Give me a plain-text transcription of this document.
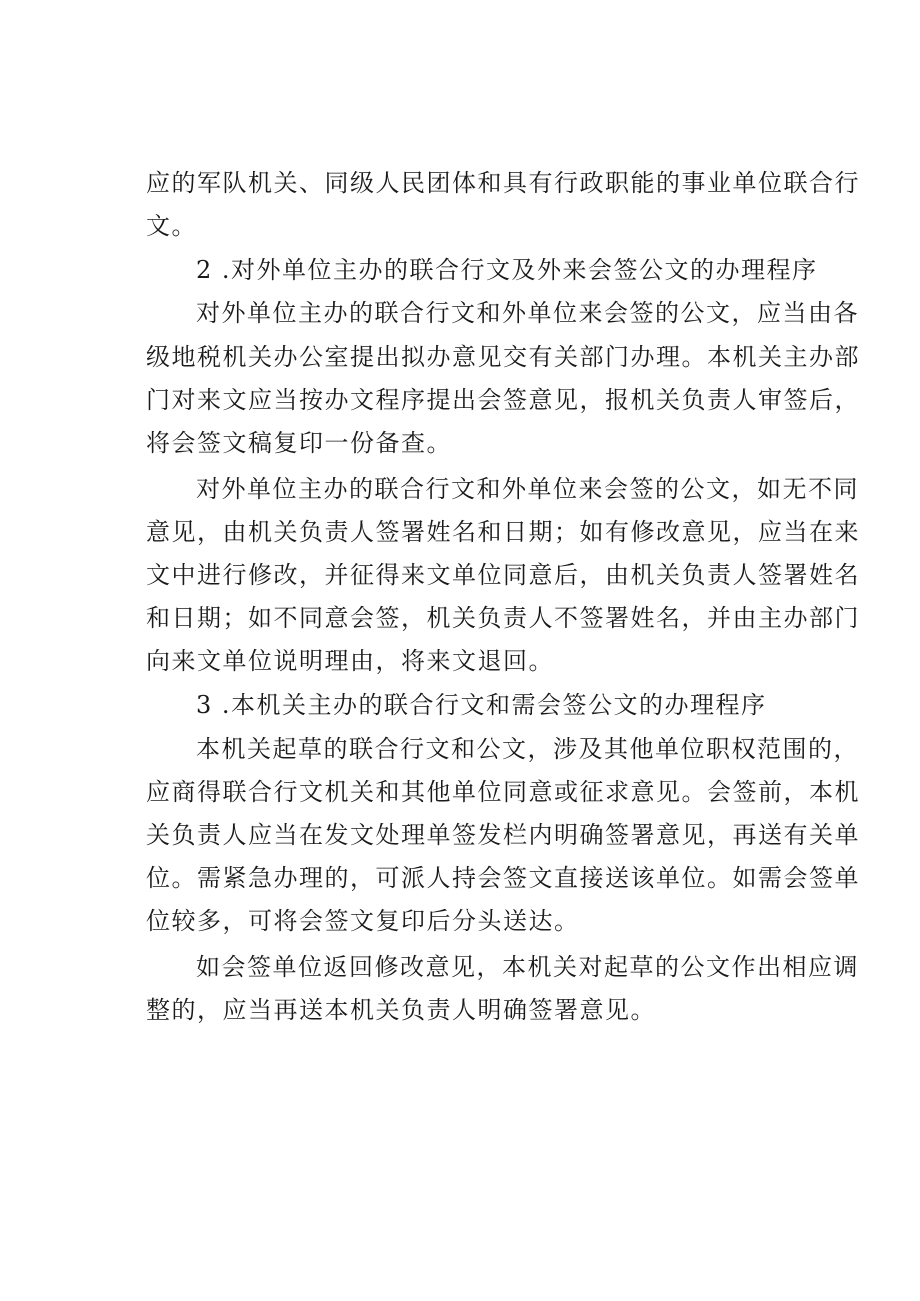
应的军队机关、同级人民团体和具有行政职能的事业单位联合行
文。
2 .对外单位主办的联合行文及外来会签公文的办理程序
对外单位主办的联合行文和外单位来会签的公文，应当由各
级地税机关办公室提出拟办意见交有关部门办理。本机关主办部
门对来文应当按办文程序提出会签意见，报机关负责人审签后，
将会签文稿复印一份备查。
对外单位主办的联合行文和外单位来会签的公文，如无不同
意见，由机关负责人签署姓名和日期；如有修改意见，应当在来
文中进行修改，并征得来文单位同意后，由机关负责人签署姓名
和日期；如不同意会签，机关负责人不签署姓名，并由主办部门
向来文单位说明理由，将来文退回。
3 .本机关主办的联合行文和需会签公文的办理程序
本机关起草的联合行文和公文，涉及其他单位职权范围的，
应商得联合行文机关和其他单位同意或征求意见。会签前，本机
关负责人应当在发文处理单签发栏内明确签署意见，再送有关单
位。需紧急办理的，可派人持会签文直接送该单位。如需会签单
位较多，可将会签文复印后分头送达。
如会签单位返回修改意见，本机关对起草的公文作出相应调
整的，应当再送本机关负责人明确签署意见。
